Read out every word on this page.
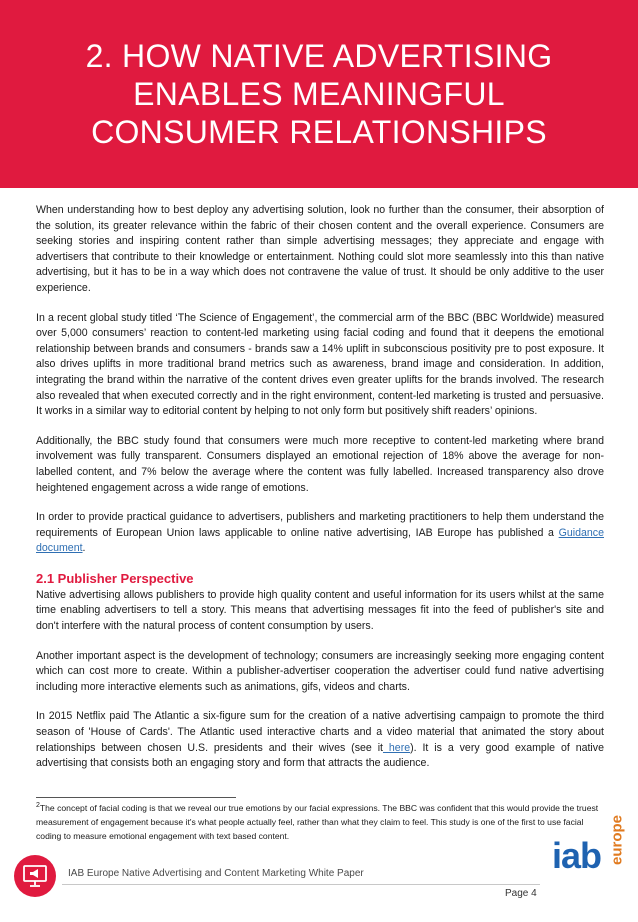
2. HOW NATIVE ADVERTISING
ENABLES MEANINGFUL
CONSUMER RELATIONSHIPS

When understanding how to best deploy any advertising solution, look no further than the consumer, their absorption of the solution, its greater relevance within the fabric of their chosen content and the overall experience. Consumers are seeking stories and inspiring content rather than simple advertising messages; they appreciate and engage with advertisers that contribute to their knowledge or entertainment. Nothing could slot more seamlessly into this than native advertising, but it has to be in a way which does not contravene the value of trust. It should be only additive to the user experience.

In a recent global study titled ‘The Science of Engagement’, the commercial arm of the BBC (BBC Worldwide) measured over 5,000 consumers’ reaction to content-led marketing using facial coding and found that it deepens the emotional relationship between brands and consumers - brands saw a 14% uplift in subconscious positivity pre to post exposure. It also drives uplifts in more traditional brand metrics such as awareness, brand image and consideration. In addition, integrating the brand within the narrative of the content drives even greater uplifts for the brands involved. The research also revealed that when executed correctly and in the right environment, content-led marketing is trusted and persuasive. It works in a similar way to editorial content by helping to not only form but positively shift readers’ opinions.

Additionally, the BBC study found that consumers were much more receptive to content-led marketing where brand involvement was fully transparent. Consumers displayed an emotional rejection of 18% above the average for non-labelled content, and 7% below the average where the content was fully labelled. Increased transparency also drove heightened engagement across a wide range of emotions.

In order to provide practical guidance to advertisers, publishers and marketing practitioners to help them understand the requirements of European Union laws applicable to online native advertising, IAB Europe has published a Guidance document.

2.1 Publisher Perspective

Native advertising allows publishers to provide high quality content and useful information for its users whilst at the same time enabling advertisers to tell a story. This means that advertising messages fit into the feed of publisher's site and don't interfere with the natural process of content consumption by users.

Another important aspect is the development of technology; consumers are increasingly seeking more engaging content which can cost more to create. Within a publisher-advertiser cooperation the advertiser could fund native advertising including more interactive elements such as animations, gifs, videos and charts.

In 2015 Netflix paid The Atlantic a six-figure sum for the creation of a native advertising campaign to promote the third season of 'House of Cards'. The Atlantic used interactive charts and a video material that animated the story about relationships between chosen U.S. presidents and their wives (see it here). It is a very good example of native advertising that consists both an engaging story and form that attracts the audience.

$^2$The concept of facial coding is that we reveal our true emotions by our facial expressions. The BBC was confident that this would provide the truest measurement of engagement because it's what people actually feel, rather than what they claim to feel. This study is one of the first to use facial coding to measure emotional engagement with text based content.
IAB Europe Native Advertising and Content Marketing White Paper
Page 4
iab europe
